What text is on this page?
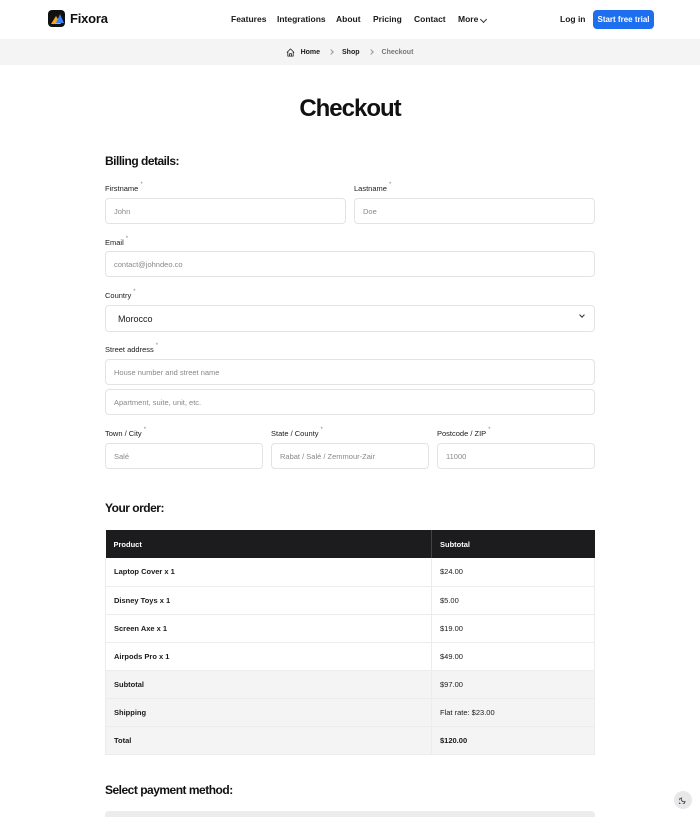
Fixora	Features Integrations About Pricing Contact More	Log in	Start free trial
Home	Shop	Checkout
Checkout
Billing details:
Firstname *
John
Lastname *
Doe
Email *
contact@johndeo.co
Country *
Morocco
Street address *
House number and street name
Apartment, suite, unit, etc.
Town / City *
Salé
State / County *
Rabat / Salé / Zemmour-Zair
Postcode / ZIP *
11000
Your order:
Product	Subtotal
Laptop Cover x 1	$24.00
Disney Toys x 1	$5.00
Screen Axe x 1	$19.00
Airpods Pro x 1	$49.00
Subtotal	$97.00
Shipping	Flat rate: $23.00
Total	$120.00
Select payment method:
